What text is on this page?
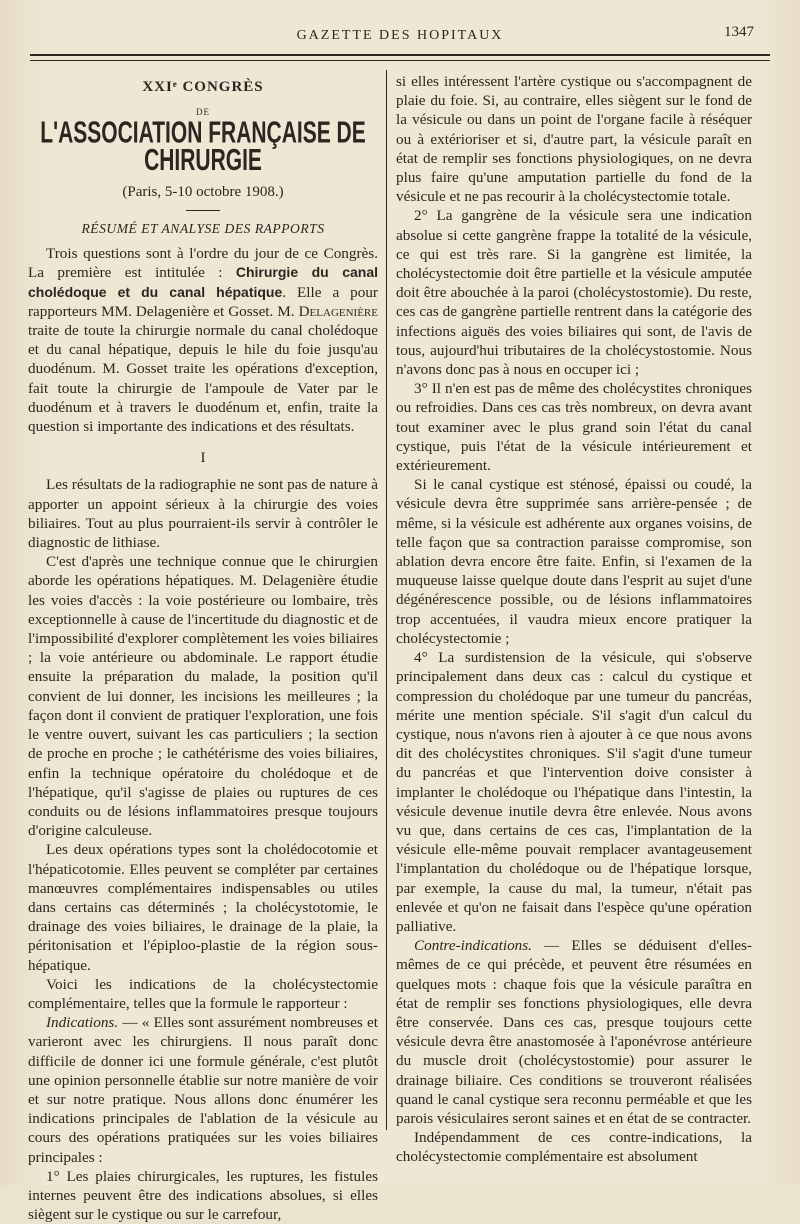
GAZETTE DES HOPITAUX	1347
XXIᵉ CONGRÈS
DE
L'ASSOCIATION FRANÇAISE DE CHIRURGIE
(Paris, 5-10 octobre 1908.)
RÉSUMÉ ET ANALYSE DES RAPPORTS

Trois questions sont à l'ordre du jour de ce Congrès. La première est intitulée : Chirurgie du canal cholédoque et du canal hépatique. Elle a pour rapporteurs MM. Delagenière et Gosset. M. Delagenière traite de toute la chirurgie normale du canal cholédoque et du canal hépatique, depuis le hile du foie jusqu'au duodénum. M. Gosset traite les opérations d'exception, fait toute la chirurgie de l'ampoule de Vater par le duodénum et à travers le duodénum et, enfin, traite la question si importante des indications et des résultats.

I

Les résultats de la radiographie ne sont pas de nature à apporter un appoint sérieux à la chirurgie des voies biliaires. Tout au plus pourraient-ils servir à contrôler le diagnostic de lithiase.

C'est d'après une technique connue que le chirurgien aborde les opérations hépatiques. M. Delagenière étudie les voies d'accès : la voie postérieure ou lombaire, très exceptionnelle à cause de l'incertitude du diagnostic et de l'impossibilité d'explorer complètement les voies biliaires ; la voie antérieure ou abdominale. Le rapport étudie ensuite la préparation du malade, la position qu'il convient de lui donner, les incisions les meilleures ; la façon dont il convient de pratiquer l'exploration, une fois le ventre ouvert, suivant les cas particuliers ; la section de proche en proche ; le cathétérisme des voies biliaires, enfin la technique opératoire du cholédoque et de l'hépatique, qu'il s'agisse de plaies ou ruptures de ces conduits ou de lésions inflammatoires presque toujours d'origine calculeuse.

Les deux opérations types sont la cholédocotomie et l'hépaticotomie. Elles peuvent se compléter par certaines manœuvres complémentaires indispensables ou utiles dans certains cas déterminés ; la cholécystotomie, le drainage des voies biliaires, le drainage de la plaie, la péritonisation et l'épiploo-plastie de la région sous-hépatique.

Voici les indications de la cholécystectomie complémentaire, telles que la formule le rapporteur :

Indications. — « Elles sont assurément nombreuses et varieront avec les chirurgiens. Il nous paraît donc difficile de donner ici une formule générale, c'est plutôt une opinion personnelle établie sur notre manière de voir et sur notre pratique. Nous allons donc énumérer les indications principales de l'ablation de la vésicule au cours des opérations pratiquées sur les voies biliaires principales :

1° Les plaies chirurgicales, les ruptures, les fistules internes peuvent être des indications absolues, si elles siègent sur le cystique ou sur le carrefour,

si elles intéressent l'artère cystique ou s'accompagnent de plaie du foie. Si, au contraire, elles siègent sur le fond de la vésicule ou dans un point de l'organe facile à réséquer ou à extérioriser et si, d'autre part, la vésicule paraît en état de remplir ses fonctions physiologiques, on ne devra plus faire qu'une amputation partielle du fond de la vésicule et ne pas recourir à la cholécystectomie totale.

2° La gangrène de la vésicule sera une indication absolue si cette gangrène frappe la totalité de la vésicule, ce qui est très rare. Si la gangrène est limitée, la cholécystectomie doit être partielle et la vésicule amputée doit être abouchée à la paroi (cholécystostomie). Du reste, ces cas de gangrène partielle rentrent dans la catégorie des infections aiguës des voies biliaires qui sont, de l'avis de tous, aujourd'hui tributaires de la cholécystostomie. Nous n'avons donc pas à nous en occuper ici ;

3° Il n'en est pas de même des cholécystites chroniques ou refroidies. Dans ces cas très nombreux, on devra avant tout examiner avec le plus grand soin l'état du canal cystique, puis l'état de la vésicule intérieurement et extérieurement.

Si le canal cystique est sténosé, épaissi ou coudé, la vésicule devra être supprimée sans arrière-pensée ; de même, si la vésicule est adhérente aux organes voisins, de telle façon que sa contraction paraisse compromise, son ablation devra encore être faite. Enfin, si l'examen de la muqueuse laisse quelque doute dans l'esprit au sujet d'une dégénérescence possible, ou de lésions inflammatoires trop accentuées, il vaudra mieux encore pratiquer la cholécystectomie ;

4° La surdistension de la vésicule, qui s'observe principalement dans deux cas : calcul du cystique et compression du cholédoque par une tumeur du pancréas, mérite une mention spéciale. S'il s'agit d'un calcul du cystique, nous n'avons rien à ajouter à ce que nous avons dit des cholécystites chroniques. S'il s'agit d'une tumeur du pancréas et que l'intervention doive consister à implanter le cholédoque ou l'hépatique dans l'intestin, la vésicule devenue inutile devra être enlevée. Nous avons vu que, dans certains de ces cas, l'implantation de la vésicule elle-même pouvait remplacer avantageusement l'implantation du cholédoque ou de l'hépatique lorsque, par exemple, la cause du mal, la tumeur, n'était pas enlevée et qu'on ne faisait dans l'espèce qu'une opération palliative.

Contre-indications. — Elles se déduisent d'elles-mêmes de ce qui précède, et peuvent être résumées en quelques mots : chaque fois que la vésicule paraîtra en état de remplir ses fonctions physiologiques, elle devra être conservée. Dans ces cas, presque toujours cette vésicule devra être anastomosée à l'aponévrose antérieure du muscle droit (cholécystostomie) pour assurer le drainage biliaire. Ces conditions se trouveront réalisées quand le canal cystique sera reconnu perméable et que les parois vésiculaires seront saines et en état de se contracter.

Indépendamment de ces contre-indications, la cholécystectomie complémentaire est absolument
